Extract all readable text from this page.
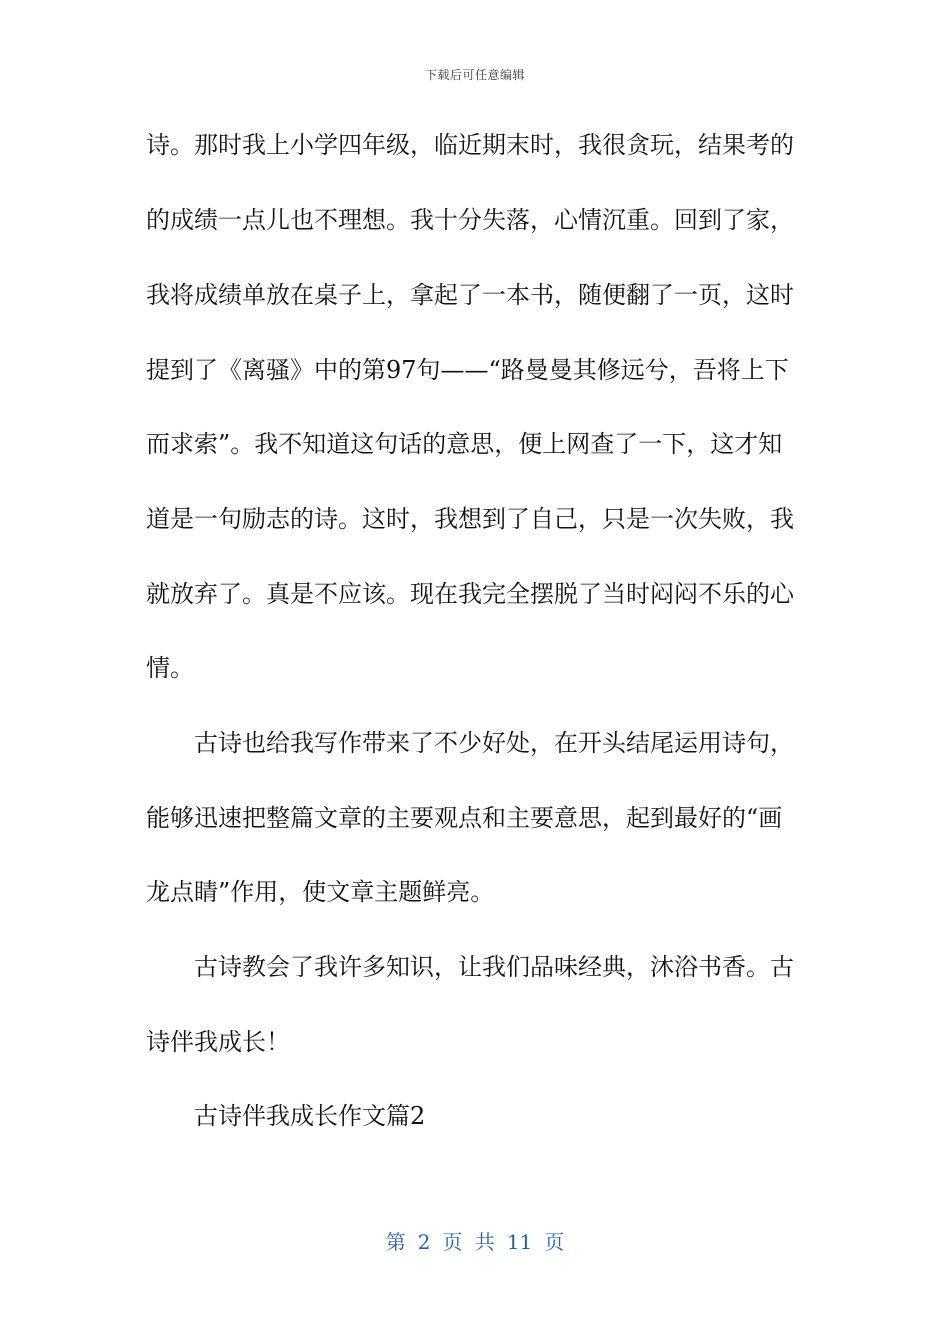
下载后可任意编辑
诗。那时我上小学四年级，临近期末时，我很贪玩，结果考的
的成绩一点儿也不理想。我十分失落，心情沉重。回到了家，
我将成绩单放在桌子上，拿起了一本书，随便翻了一页，这时
提到了《离骚》中的第97句——“路曼曼其修远兮，吾将上下
而求索”。我不知道这句话的意思，便上网查了一下，这才知
道是一句励志的诗。这时，我想到了自己，只是一次失败，我
就放弃了。真是不应该。现在我完全摆脱了当时闷闷不乐的心
情。
古诗也给我写作带来了不少好处，在开头结尾运用诗句，
能够迅速把整篇文章的主要观点和主要意思，起到最好的“画
龙点睛”作用，使文章主题鲜亮。
古诗教会了我许多知识，让我们品味经典，沐浴书香。古
诗伴我成长！
古诗伴我成长作文篇2
第 2 页 共 11 页
